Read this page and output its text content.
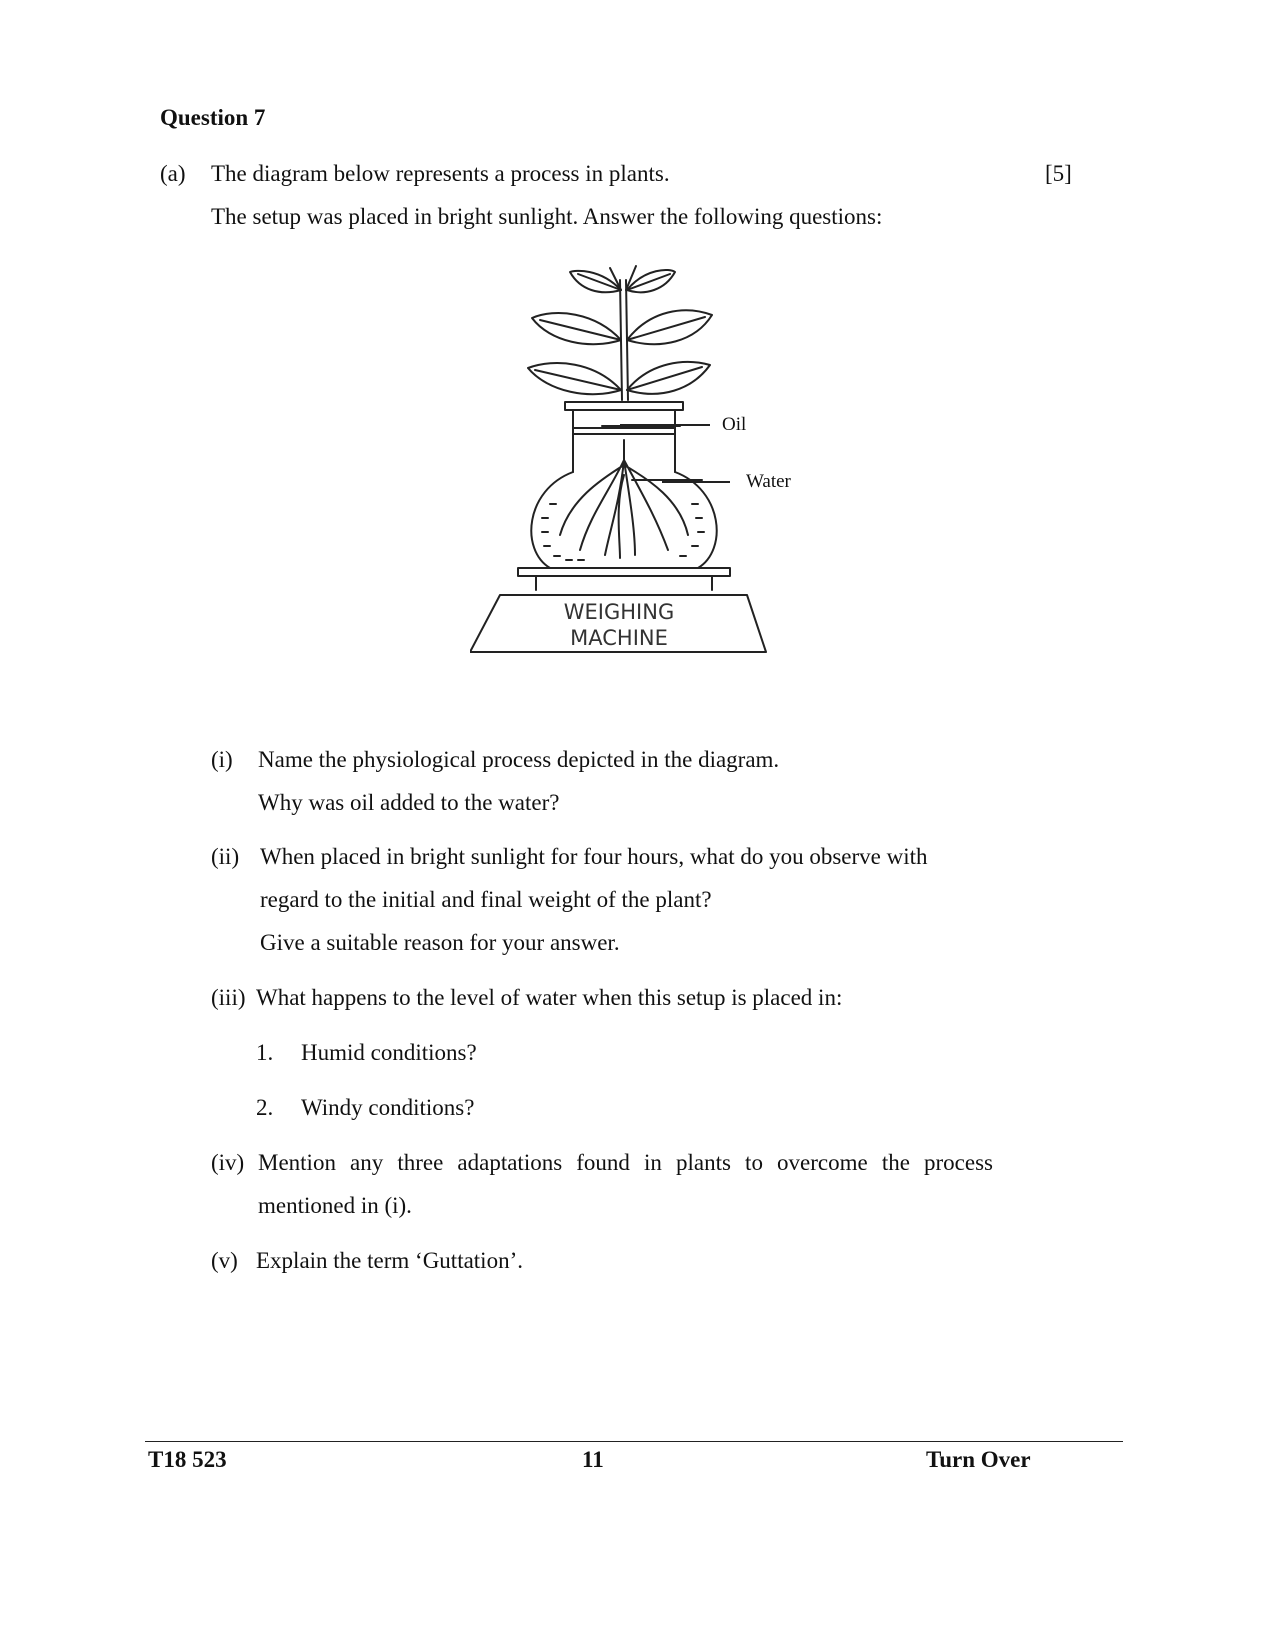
Question 7
(a) The diagram below represents a process in plants.	[5]
The setup was placed in bright sunlight. Answer the following questions:
WEIGHING
MACHINE
Oil
Water
(i) Name the physiological process depicted in the diagram.
Why was oil added to the water?
(ii) When placed in bright sunlight for four hours, what do you observe with
regard to the initial and final weight of the plant?
Give a suitable reason for your answer.
(iii) What happens to the level of water when this setup is placed in:
1. Humid conditions?
2. Windy conditions?
(iv) Mention any three adaptations found in plants to overcome the process
mentioned in (i).
(v) Explain the term ‘Guttation’.
T18 523	11	Turn Over
